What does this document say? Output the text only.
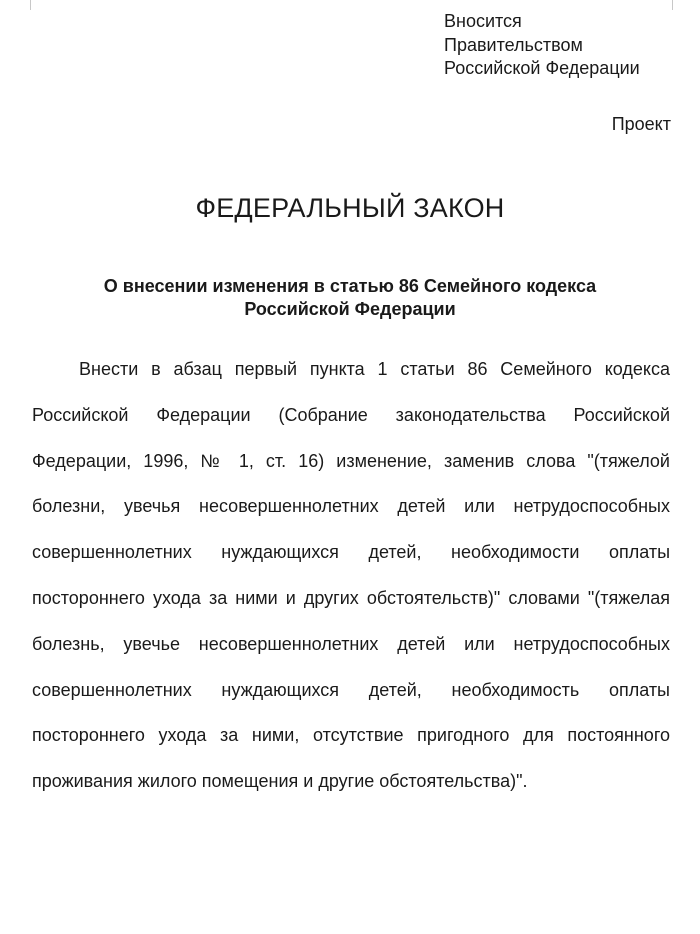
Вносится
Правительством
Российской Федерации
Проект
ФЕДЕРАЛЬНЫЙ ЗАКОН
О внесении изменения в статью 86 Семейного кодекса
Российской Федерации

Внести в абзац первый пункта 1 статьи 86 Семейного кодекса Российской Федерации (Собрание законодательства Российской Федерации, 1996, № 1, ст. 16) изменение, заменив слова "(тяжелой болезни, увечья несовершеннолетних детей или нетрудоспособных совершеннолетних нуждающихся детей, необходимости оплаты постороннего ухода за ними и других обстоятельств)" словами "(тяжелая болезнь, увечье несовершеннолетних детей или нетрудоспособных совершеннолетних нуждающихся детей, необходимость оплаты постороннего ухода за ними, отсутствие пригодного для постоянного проживания жилого помещения и другие обстоятельства)".
